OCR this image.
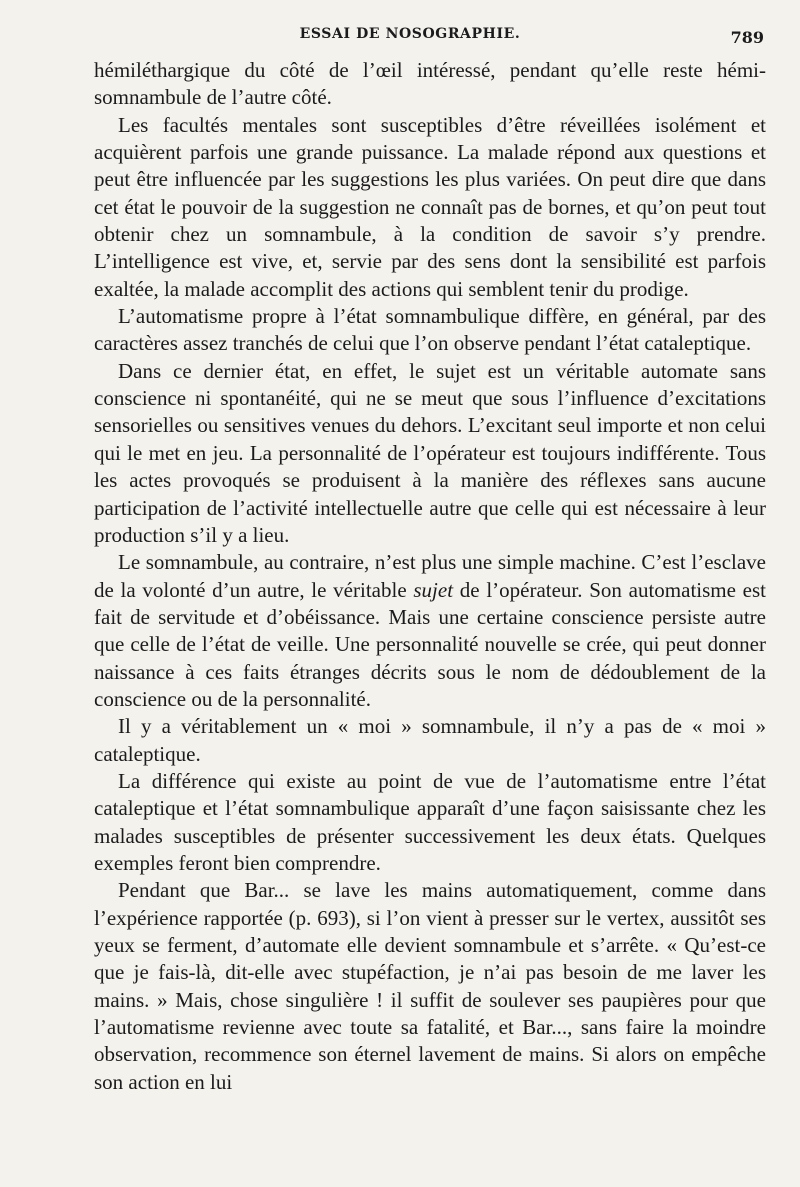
ESSAI DE NOSOGRAPHIE.	789

hémiléthargique du côté de l’œil intéressé, pendant qu’elle reste hémi-somnambule de l’autre côté.

Les facultés mentales sont susceptibles d’être réveillées isolément et acquièrent parfois une grande puissance. La malade répond aux questions et peut être influencée par les suggestions les plus variées. On peut dire que dans cet état le pouvoir de la suggestion ne connaît pas de bornes, et qu’on peut tout obtenir chez un somnambule, à la condition de savoir s’y prendre. L’intelligence est vive, et, servie par des sens dont la sensibilité est parfois exaltée, la malade accomplit des actions qui semblent tenir du prodige.

L’automatisme propre à l’état somnambulique diffère, en général, par des caractères assez tranchés de celui que l’on observe pendant l’état cataleptique.

Dans ce dernier état, en effet, le sujet est un véritable automate sans conscience ni spontanéité, qui ne se meut que sous l’influence d’excitations sensorielles ou sensitives venues du dehors. L’excitant seul importe et non celui qui le met en jeu. La personnalité de l’opérateur est toujours indifférente. Tous les actes provoqués se produisent à la manière des réflexes sans aucune participation de l’activité intellectuelle autre que celle qui est nécessaire à leur production s’il y a lieu.

Le somnambule, au contraire, n’est plus une simple machine. C’est l’esclave de la volonté d’un autre, le véritable sujet de l’opérateur. Son automatisme est fait de servitude et d’obéissance. Mais une certaine conscience persiste autre que celle de l’état de veille. Une personnalité nouvelle se crée, qui peut donner naissance à ces faits étranges décrits sous le nom de dédoublement de la conscience ou de la personnalité.

Il y a véritablement un « moi » somnambule, il n’y a pas de « moi » cataleptique.

La différence qui existe au point de vue de l’automatisme entre l’état cataleptique et l’état somnambulique apparaît d’une façon saisissante chez les malades susceptibles de présenter successivement les deux états. Quelques exemples feront bien comprendre.

Pendant que Bar... se lave les mains automatiquement, comme dans l’expérience rapportée (p. 693), si l’on vient à presser sur le vertex, aussitôt ses yeux se ferment, d’automate elle devient somnambule et s’arrête. « Qu’est-ce que je fais-là, dit-elle avec stupéfaction, je n’ai pas besoin de me laver les mains. » Mais, chose singulière ! il suffit de soulever ses paupières pour que l’automatisme revienne avec toute sa fatalité, et Bar..., sans faire la moindre observation, recommence son éternel lavement de mains. Si alors on empêche son action en lui
